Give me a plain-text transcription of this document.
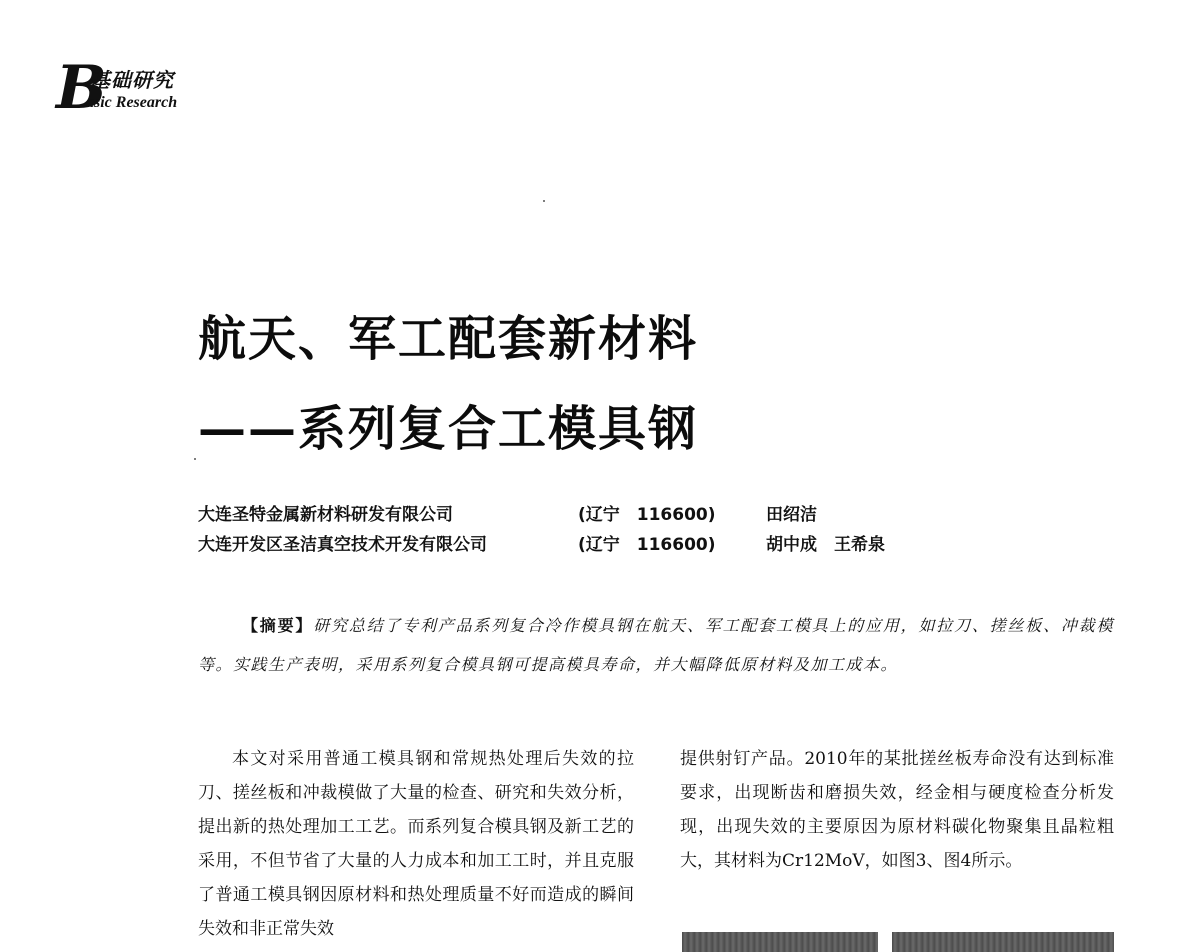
B
基础研究
asic Research
航天、军工配套新材料
——系列复合工模具钢
大连圣特金属新材料研发有限公司	(辽宁　116600)	田绍洁
大连开发区圣洁真空技术开发有限公司	(辽宁　116600)	胡中成　王希泉
【摘要】研究总结了专利产品系列复合冷作模具钢在航天、军工配套工模具上的应用，如拉刀、搓丝板、冲裁模等。实践生产表明，采用系列复合模具钢可提高模具寿命，并大幅降低原材料及加工成本。
本文对采用普通工模具钢和常规热处理后失效的拉刀、搓丝板和冲裁模做了大量的检查、研究和失效分析，提出新的热处理加工工艺。而系列复合模具钢及新工艺的采用，不但节省了大量的人力成本和加工工时，并且克服了普通工模具钢因原材料和热处理质量不好而造成的瞬间失效和非正常失效
提供射钉产品。2010年的某批搓丝板寿命没有达到标准要求，出现断齿和磨损失效，经金相与硬度检查分析发现，出现失效的主要原因为原材料碳化物聚集且晶粒粗大，其材料为Cr12MoV，如图3、图4所示。
